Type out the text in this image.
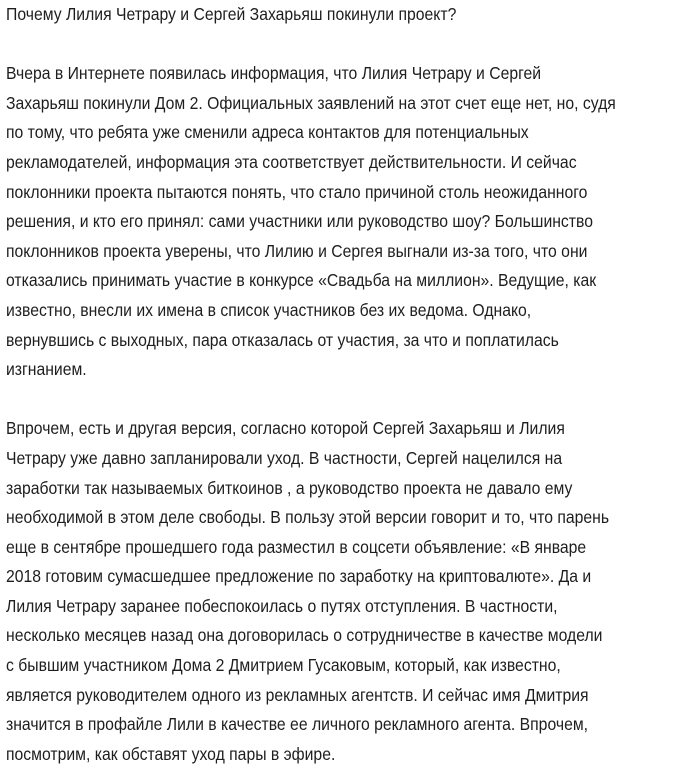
Почему Лилия Четрару и Сергей Захарьяш покинули проект?
Вчера в Интернете появилась информация, что Лилия Четрару и Сергей
Захарьяш покинули Дом 2. Официальных заявлений на этот счет еще нет, но, судя
по тому, что ребята уже сменили адреса контактов для потенциальных
рекламодателей, информация эта соответствует действительности. И сейчас
поклонники проекта пытаются понять, что стало причиной столь неожиданного
решения, и кто его принял: сами участники или руководство шоу? Большинство
поклонников проекта уверены, что Лилию и Сергея выгнали из-за того, что они
отказались принимать участие в конкурсе «Свадьба на миллион». Ведущие, как
известно, внесли их имена в список участников без их ведома. Однако,
вернувшись с выходных, пара отказалась от участия, за что и поплатилась
изгнанием.
Впрочем, есть и другая версия, согласно которой Сергей Захарьяш и Лилия
Четрару уже давно запланировали уход. В частности, Сергей нацелился на
заработки так называемых биткоинов , а руководство проекта не давало ему
необходимой в этом деле свободы. В пользу этой версии говорит и то, что парень
еще в сентябре прошедшего года разместил в соцсети объявление: «В январе
2018 готовим сумасшедшее предложение по заработку на криптовалюте». Да и
Лилия Четрару заранее побеспокоилась о путях отступления. В частности,
несколько месяцев назад она договорилась о сотрудничестве в качестве модели
с бывшим участником Дома 2 Дмитрием Гусаковым, который, как известно,
является руководителем одного из рекламных агентств. И сейчас имя Дмитрия
значится в профайле Лили в качестве ее личного рекламного агента. Впрочем,
посмотрим, как обставят уход пары в эфире.
